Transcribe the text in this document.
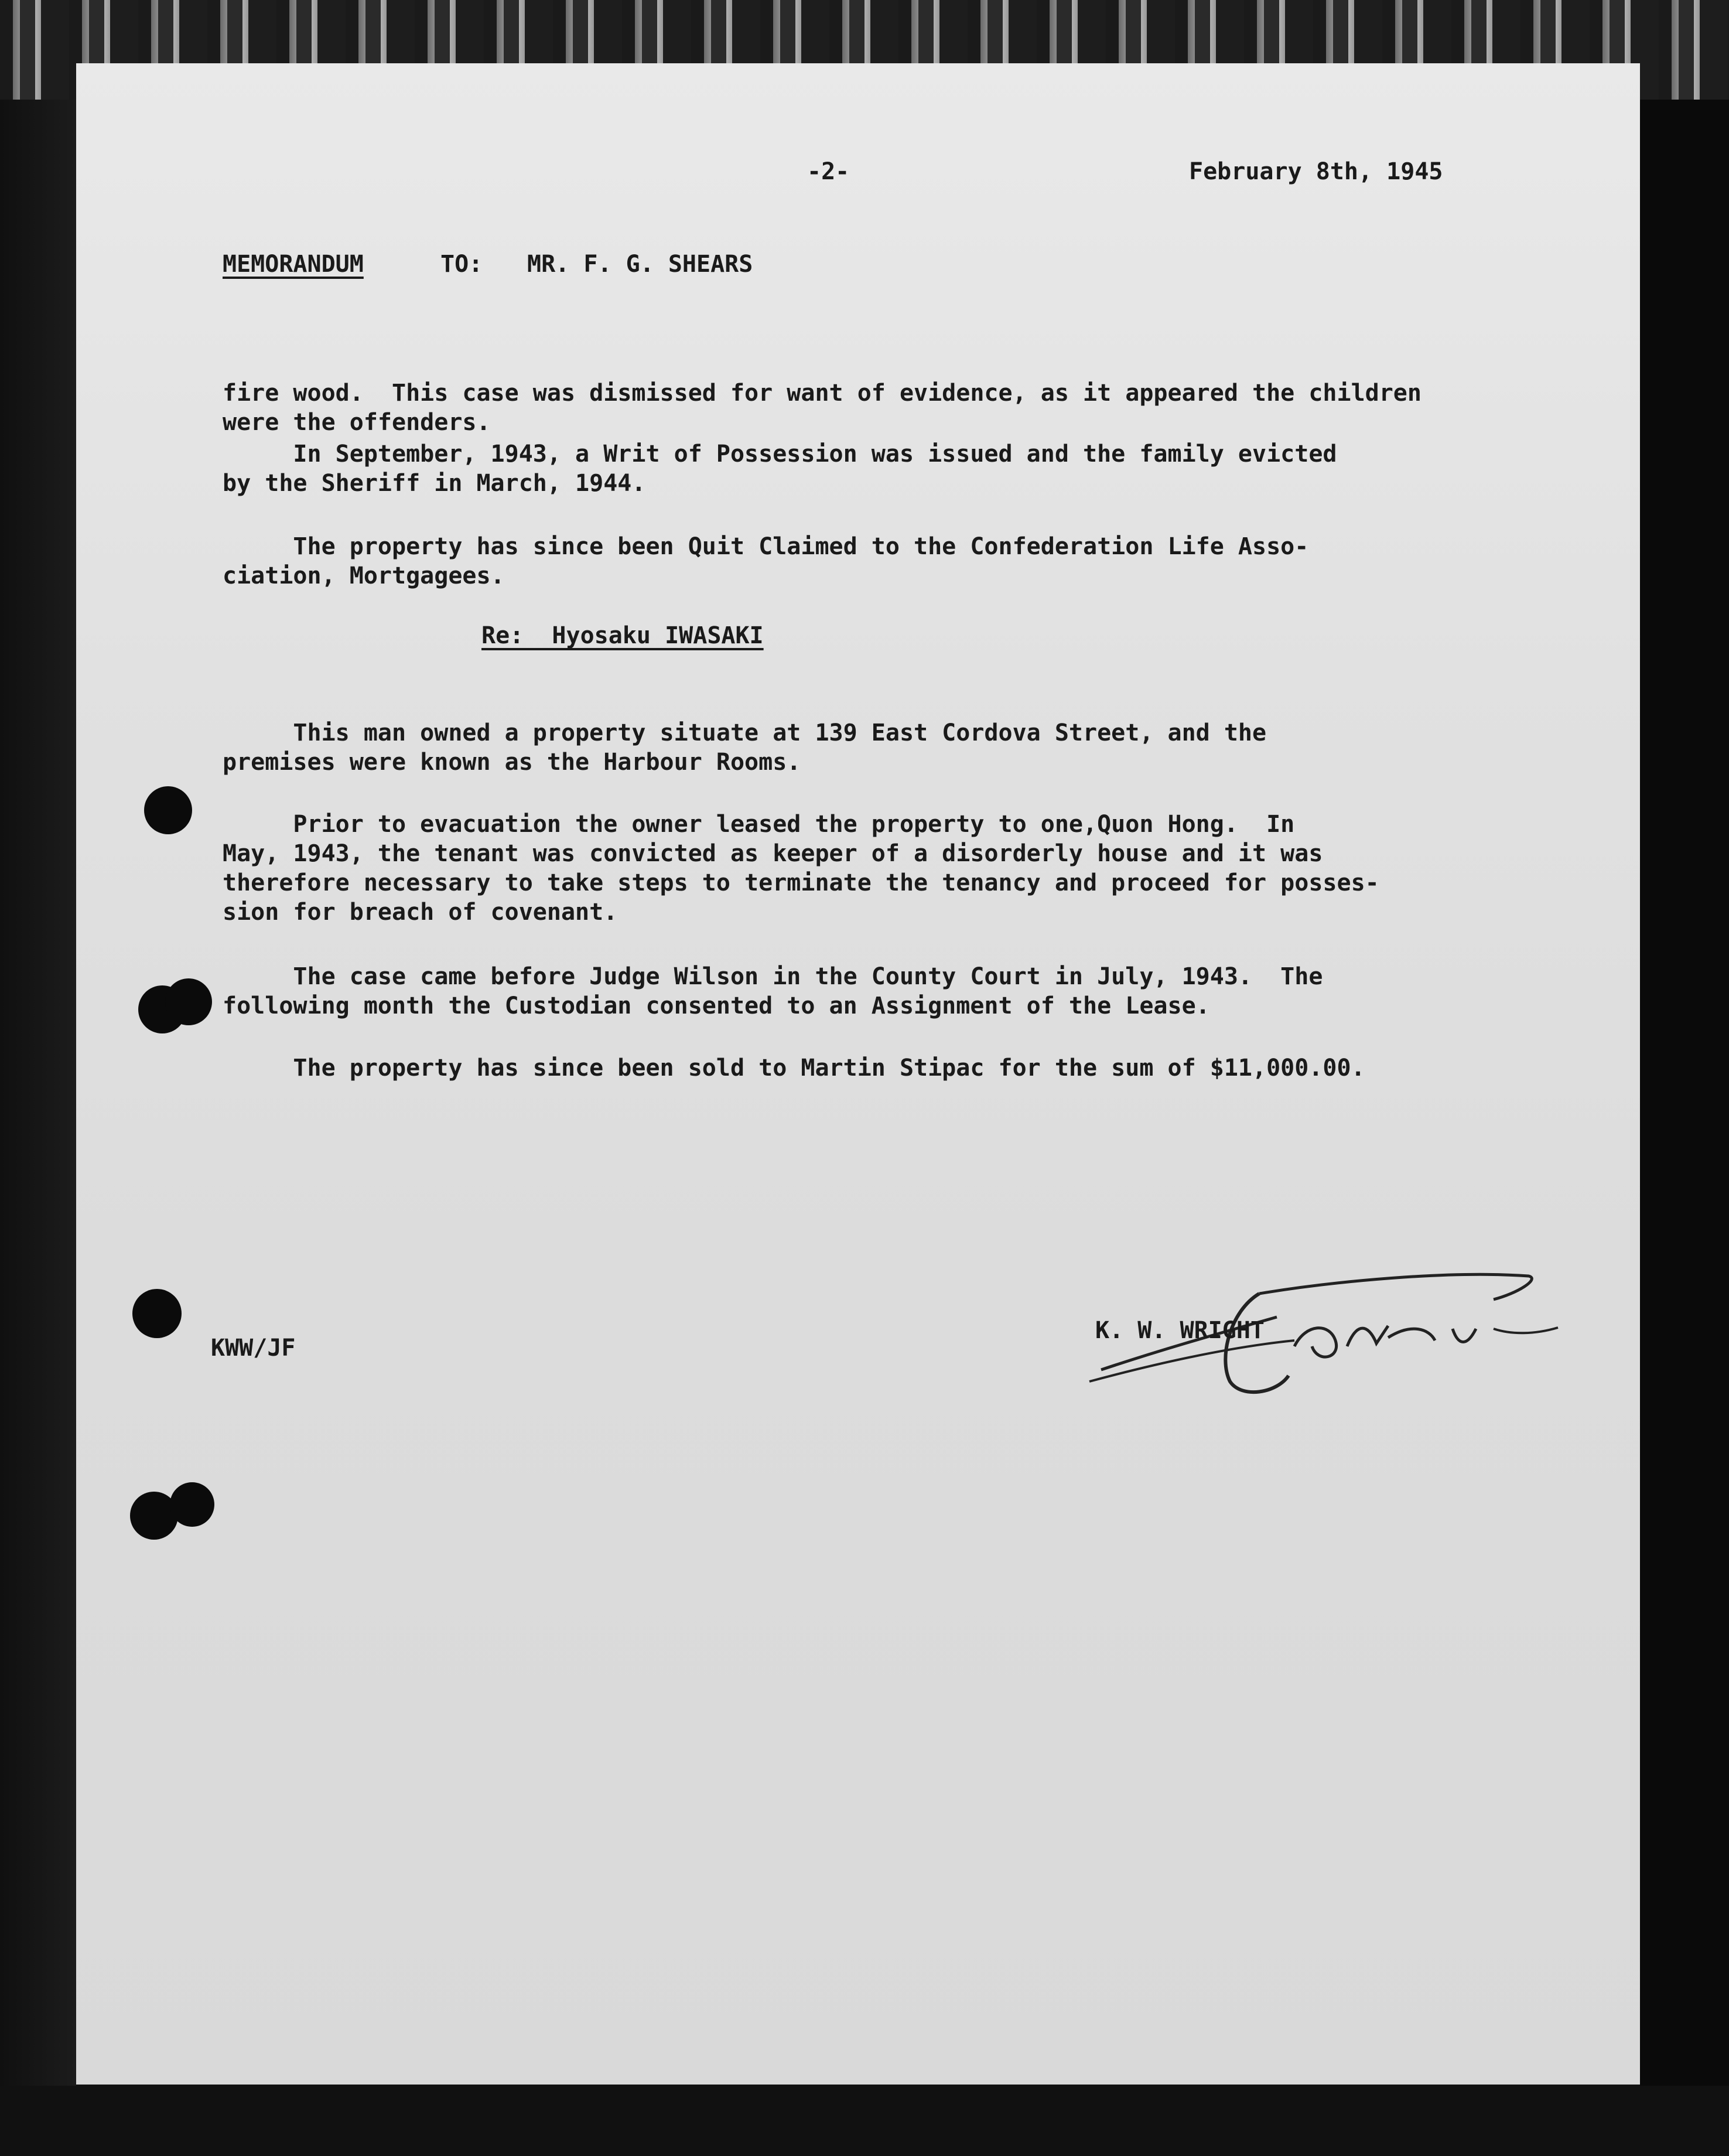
-2-	February 8th, 1945
MEMORANDUM	TO: MR. F. G. SHEARS
fire wood.  This case was dismissed for want of evidence, as it appeared the children
were the offenders.
In September, 1943, a Writ of Possession was issued and the family evicted
by the Sheriff in March, 1944.
The property has since been Quit Claimed to the Confederation Life Asso-
ciation, Mortgagees.
Re:  Hyosaku IWASAKI
This man owned a property situate at 139 East Cordova Street, and the
premises were known as the Harbour Rooms.
Prior to evacuation the owner leased the property to one,Quon Hong.  In
May, 1943, the tenant was convicted as keeper of a disorderly house and it was
therefore necessary to take steps to terminate the tenancy and proceed for posses-
sion for breach of covenant.
The case came before Judge Wilson in the County Court in July, 1943.  The
following month the Custodian consented to an Assignment of the Lease.
The property has since been sold to Martin Stipac for the sum of $11,000.00.
K. W. WRIGHT
KWW/JF
